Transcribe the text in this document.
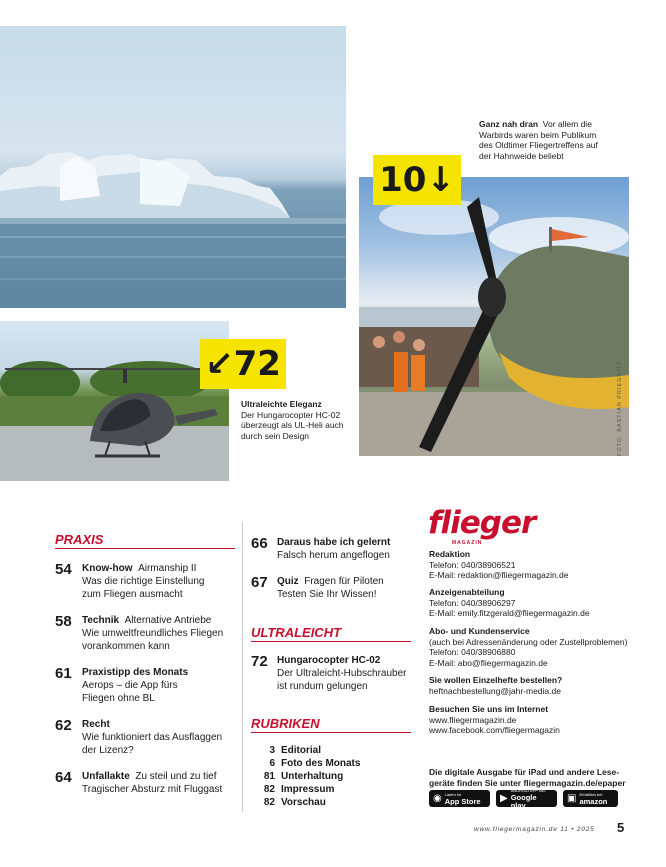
10↓
↙72
Ganz nah dran Vor allem die Warbirds waren beim Publikum des Oldtimer Fliegertreffens auf der Hahnweide beliebt
Ultraleichte Eleganz
Der Hungarocopter HC-02 überzeugt als UL-Heli auch durch sein Design	FOTO: BASTIAN PRIEGNITZ
PRAXIS
54 Know-how Airmanship II
Was die richtige Einstellung
zum Fliegen ausmacht
58 Technik Alternative Antriebe
Wie umweltfreundliches Fliegen
vorankommen kann
61 Praxistipp des Monats
Aerops – die App fürs
Fliegen ohne BL
62 Recht
Wie funktioniert das Ausflaggen
der Lizenz?
64 Unfallakte Zu steil und zu tief
Tragischer Absturz mit Fluggast
66 Daraus habe ich gelernt
Falsch herum angeflogen
67 Quiz Fragen für Piloten
Testen Sie Ihr Wissen!
ULTRALEICHT
72 Hungarocopter HC-02
Der Ultraleicht-Hubschrauber
ist rundum gelungen
RUBRIKEN
3 Editorial
6 Foto des Monats
81 Unterhaltung
82 Impressum
82 Vorschau
flieger
MAGAZIN
Redaktion
Telefon: 040/38906521
E-Mail: redaktion@fliegermagazin.de
Anzeigenabteilung
Telefon: 040/38906297
E-Mail: emily.fitzgerald@fliegermagazin.de
Abo- und Kundenservice
(auch bei Adressenänderung oder Zustellproblemen)
Telefon: 040/38906880
E-Mail: abo@fliegermagazin.de
Sie wollen Einzelhefte bestellen?
heftnachbestellung@jahr-media.de
Besuchen Sie uns im Internet
www.fliegermagazin.de
www.facebook.com/fliegermagazin
Die digitale Ausgabe für iPad und andere Lese-
geräte finden Sie unter fliegermagazin.de/epaper
◉ Laden im
App Store ▶
ANDROID APP BEI
Google play
▣ Erhältlich bei
amazon
www.fliegermagazin.de 11 • 2025 5
